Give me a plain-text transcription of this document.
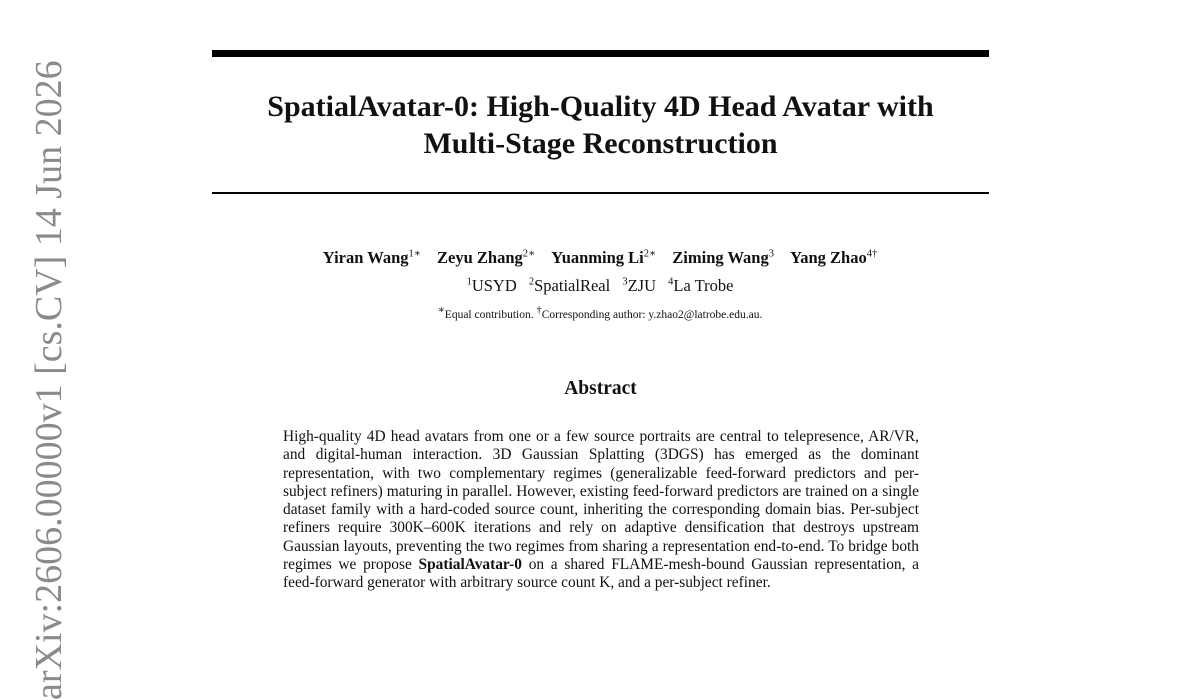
SpatialAvatar-0: High-Quality 4D Head Avatar with
Multi-Stage Reconstruction
Yiran Wang$^{1∗}$ Zeyu Zhang$^{2∗}$ Yuanming $Li^{2∗}$ Ziming Wang$^3$ Yang Zhao$^{4\dagger}$
$^1$USYD $^2$SpatialReal $^3$ZJU $^4$La Trobe
∗Equal contribution. †Corresponding author: y.zhao2@latrobe.edu.au.
Abstract

High-quality 4D head avatars from one or a few source portraits are central to telepresence, AR/VR, and digital-human interaction. 3D Gaussian Splatting (3DGS) has emerged as the dominant representation, with two complementary regimes (generalizable feed-forward predictors and per-subject refiners) maturing in parallel. However, existing feed-forward predictors are trained on a single dataset family with a hard-coded source count, inheriting the corresponding domain bias. Per-subject refiners require 300K–600K iterations and rely on adaptive densification that destroys upstream Gaussian layouts, preventing the two regimes from sharing a representation end-to-end. To bridge both regimes we propose SpatialAvatar-0 on a shared FLAME-mesh-bound Gaussian representation, a feed-forward generator with arbitrary source count K, and a per-subject refiner.

arXiv:2606.00000v1 [cs.CV] 14 Jun 2026
